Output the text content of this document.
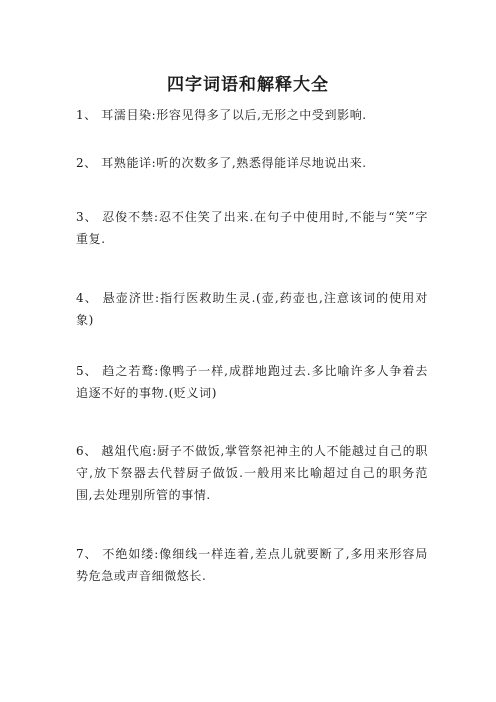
四字词语和解释大全
1、 耳濡目染:形容见得多了以后,无形之中受到影响.
2、 耳熟能详:听的次数多了,熟悉得能详尽地说出来.
3、 忍俊不禁:忍不住笑了出来.在句子中使用时,不能与“笑”字重复.
4、 悬壶济世:指行医救助生灵.(壶,药壶也,注意该词的使用对象)
5、 趋之若鹜:像鸭子一样,成群地跑过去.多比喻许多人争着去追逐不好的事物.(贬义词)
6、 越俎代庖:厨子不做饭,掌管祭祀神主的人不能越过自己的职守,放下祭器去代替厨子做饭.一般用来比喻超过自己的职务范围,去处理别所管的事情.
7、 不绝如缕:像细线一样连着,差点儿就要断了,多用来形容局势危急或声音细微悠长.
